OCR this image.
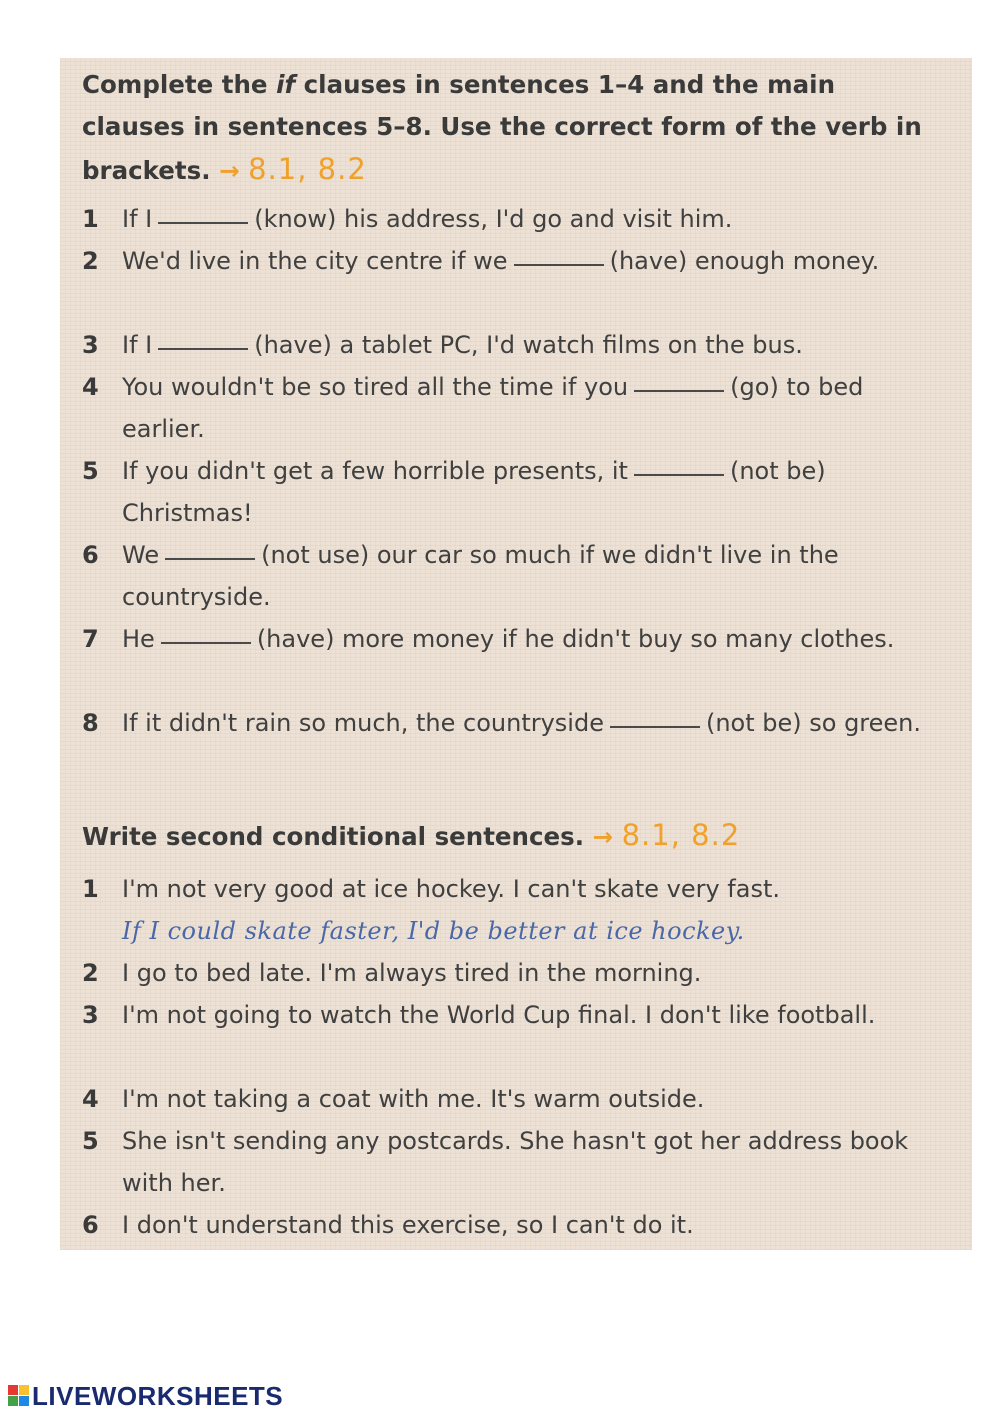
Complete the if clauses in sentences 1–4 and the main clauses in sentences 5–8. Use the correct form of the verb in brackets. → 8.1, 8.2
1 If I	(know) his address, I'd go and visit him.
2 We'd live in the city centre if we	(have) enough money.
3 If I	(have) a tablet PC, I'd watch films on the bus.
4 You wouldn't be so tired all the time if you	(go) to bed earlier.
5 If you didn't get a few horrible presents, it	(not be) Christmas!
6 We	(not use) our car so much if we didn't live in the countryside.
7 He	(have) more money if he didn't buy so many clothes.
8 If it didn't rain so much, the countryside	(not be) so green.
Write second conditional sentences. → 8.1, 8.2
1 I'm not very good at ice hockey. I can't skate very fast.
If I could skate faster, I'd be better at ice hockey.
2 I go to bed late. I'm always tired in the morning.
3 I'm not going to watch the World Cup final. I don't like football.
4 I'm not taking a coat with me. It's warm outside.
5 She isn't sending any postcards. She hasn't got her address book with her.
6 I don't understand this exercise, so I can't do it.
LIVEWORKSHEETS
